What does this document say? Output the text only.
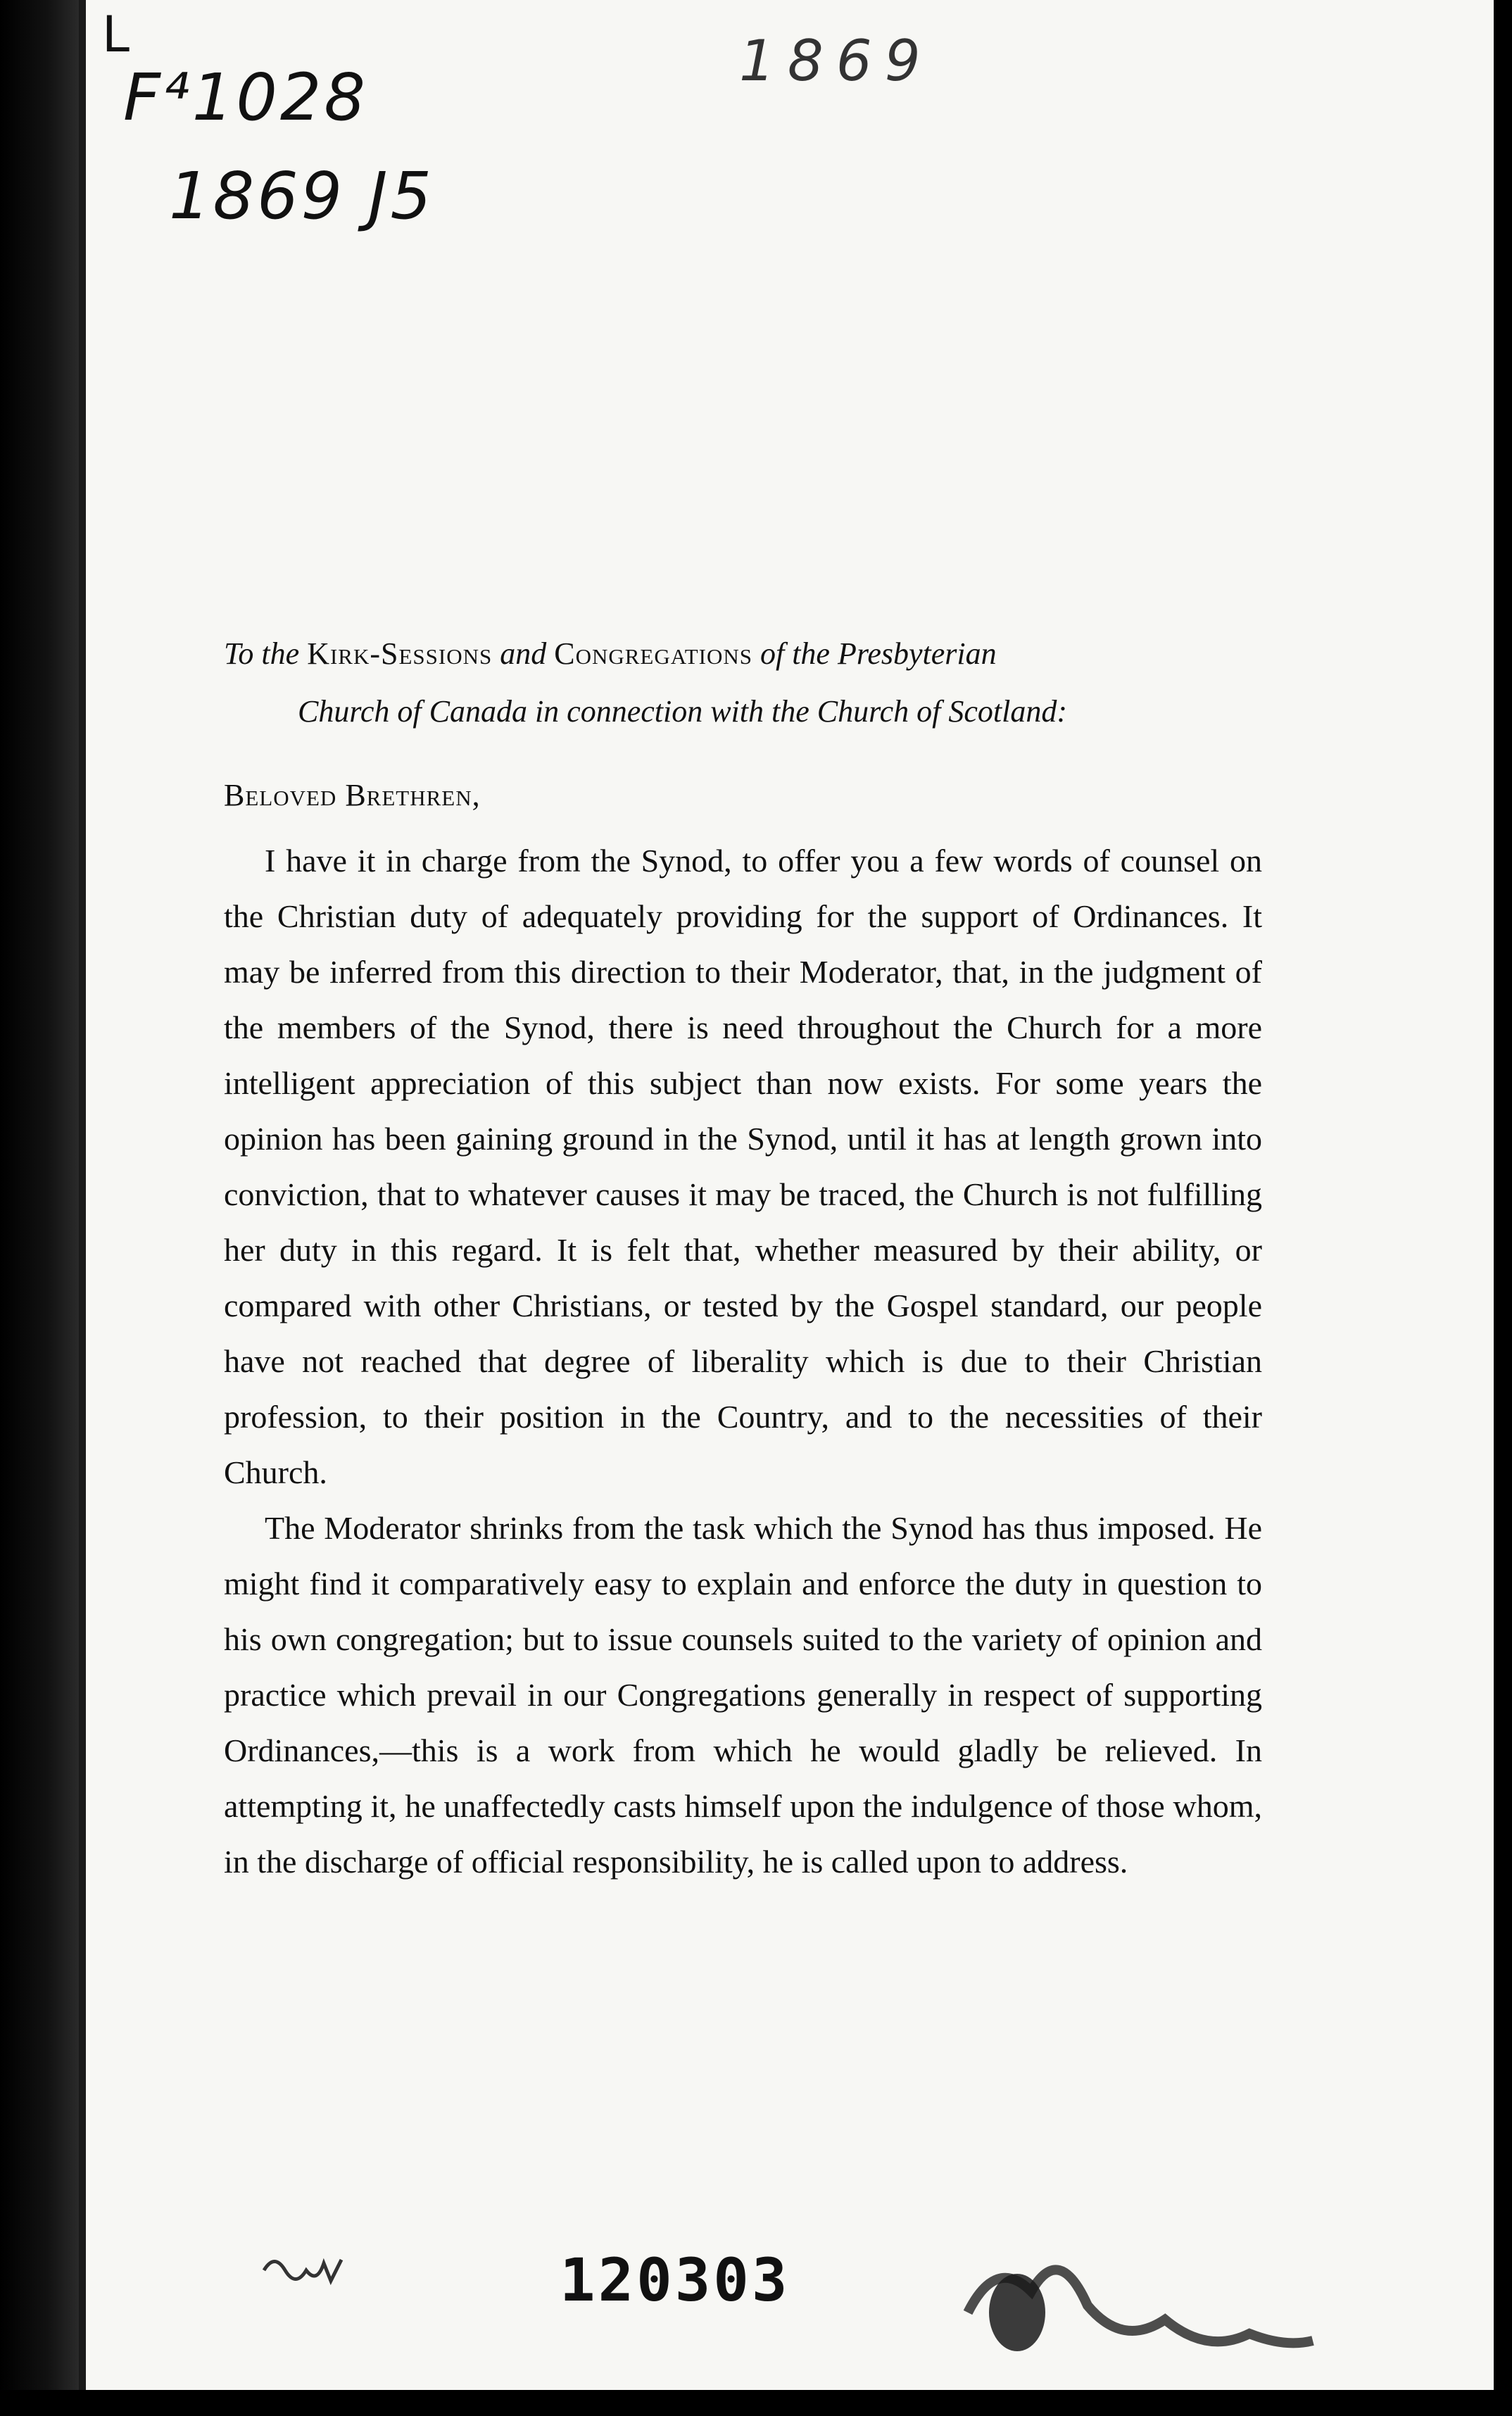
L
F⁴1028
1869 J5
1869
To the Kirk-Sessions and Congregations of the Presbyterian
Church of Canada in connection with the Church of Scotland:
Beloved Brethren,

I have it in charge from the Synod, to offer you a few words of counsel on the Christian duty of adequately providing for the support of Ordinances. It may be inferred from this direction to their Moderator, that, in the judgment of the members of the Synod, there is need throughout the Church for a more intelligent appreciation of this subject than now exists. For some years the opinion has been gaining ground in the Synod, until it has at length grown into conviction, that to whatever causes it may be traced, the Church is not fulfilling her duty in this regard. It is felt that, whether measured by their ability, or compared with other Christians, or tested by the Gospel standard, our people have not reached that degree of liberality which is due to their Christian profession, to their position in the Country, and to the necessities of their Church.

The Moderator shrinks from the task which the Synod has thus imposed. He might find it comparatively easy to explain and enforce the duty in question to his own congregation; but to issue counsels suited to the variety of opinion and practice which prevail in our Congregations generally in respect of supporting Ordinances,—this is a work from which he would gladly be relieved. In attempting it, he unaffectedly casts himself upon the indulgence of those whom, in the discharge of official responsibility, he is called upon to address.

120303
